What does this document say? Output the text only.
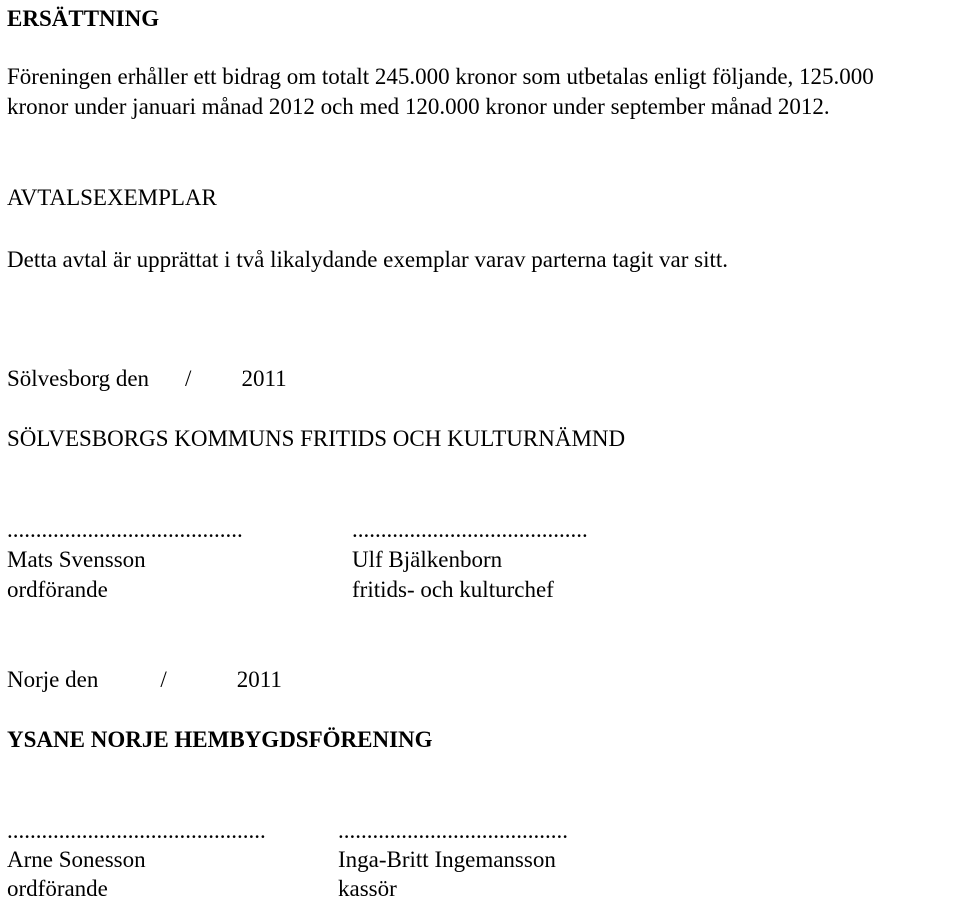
ERSÄTTNING
Föreningen erhåller ett bidrag om totalt 245.000 kronor som utbetalas enligt följande, 125.000
kronor under januari månad 2012 och med 120.000 kronor under september månad 2012.
AVTALSEXEMPLAR
Detta avtal är upprättat i två likalydande exemplar varav parterna tagit var sitt.
Sölvesborg den / 2011
SÖLVESBORGS KOMMUNS FRITIDS OCH KULTURNÄMND
.........................................
Mats Svensson
ordförande
.........................................
Ulf Bjälkenborn
fritids- och kulturchef
Norje den	/	2011
YSANE NORJE HEMBYGDSFÖRENING
.............................................
Arne Sonesson
ordförande
........................................
Inga-Britt Ingemansson
kassör
